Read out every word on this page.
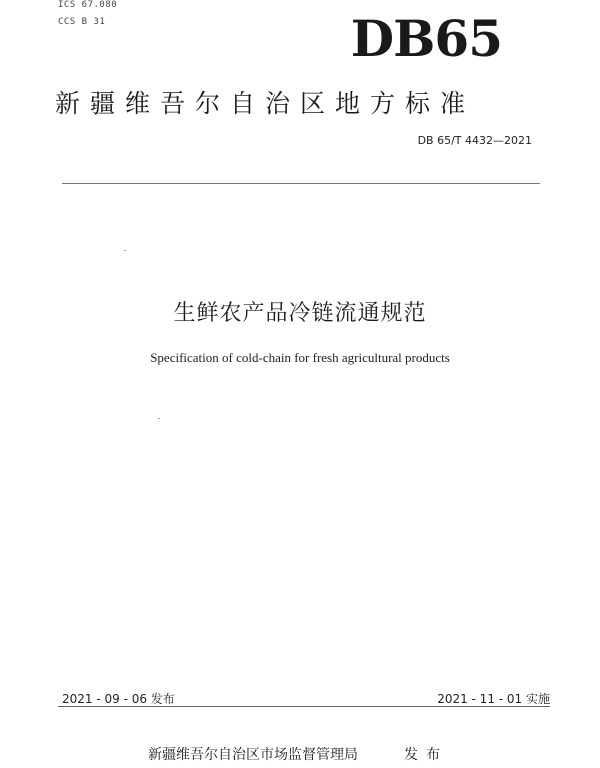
ICS 67.080
CCS B 31	DB65
新疆维吾尔自治区地方标准
DB 65/T 4432—2021
生鲜农产品冷链流通规范
Specification of cold-chain for fresh agricultural products
2021 - 09 - 06 发布	2021 - 11 - 01 实施
新疆维吾尔自治区市场监督管理局	发布
